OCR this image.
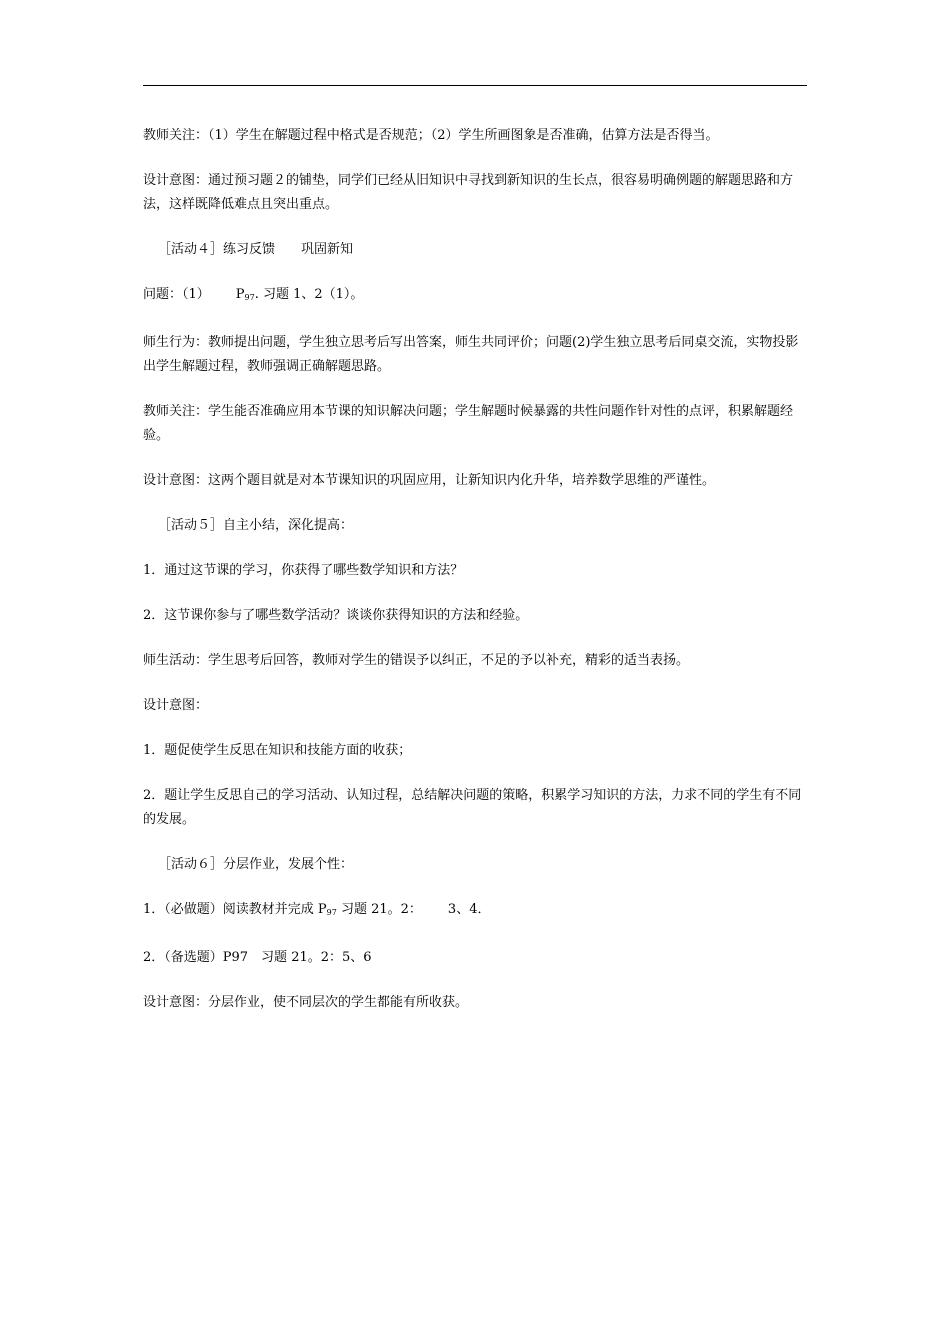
教师关注：（1）学生在解题过程中格式是否规范；（2）学生所画图象是否准确，估算方法是否得当。

设计意图：通过预习题２的铺垫，同学们已经从旧知识中寻找到新知识的生长点，很容易明确例题的解题思路和方法，这样既降低难点且突出重点。

［活动４］练习反馈 巩固新知

问题：（1） $P_{97}$. 习题 1、2（1）。

师生行为：教师提出问题，学生独立思考后写出答案，师生共同评价；问题(2)学生独立思考后同桌交流，实物投影出学生解题过程，教师强调正确解题思路。

教师关注：学生能否准确应用本节课的知识解决问题；学生解题时候暴露的共性问题作针对性的点评，积累解题经验。

设计意图：这两个题目就是对本节课知识的巩固应用，让新知识内化升华，培养数学思维的严谨性。

［活动５］自主小结，深化提高：

1．通过这节课的学习，你获得了哪些数学知识和方法？

2．这节课你参与了哪些数学活动？谈谈你获得知识的方法和经验。

师生活动：学生思考后回答，教师对学生的错误予以纠正，不足的予以补充，精彩的适当表扬。

设计意图：

1．题促使学生反思在知识和技能方面的收获；

2．题让学生反思自己的学习活动、认知过程，总结解决问题的策略，积累学习知识的方法，力求不同的学生有不同的发展。

［活动６］分层作业，发展个性：

1．（必做题）阅读教材并完成 $P_{97}$ 习题 21。2： 3、4．

2．（备选题）P97　习题 21。2：5、6

设计意图：分层作业，使不同层次的学生都能有所收获。
